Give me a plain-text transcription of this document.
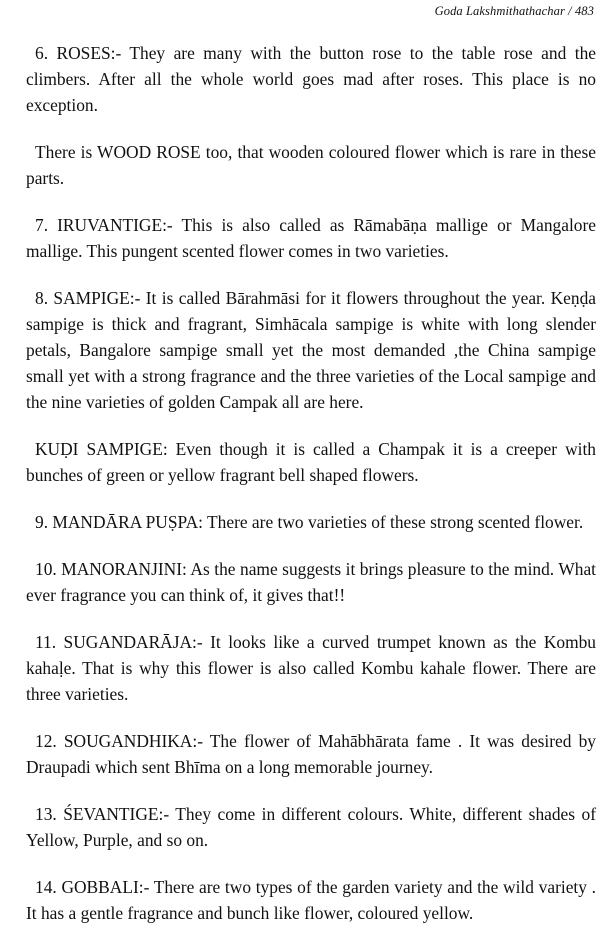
Goda Lakshmithathachar / 483

6. ROSES:- They are many with the button rose to the table rose and the climbers. After all the whole world goes mad after roses. This place is no exception.

There is WOOD ROSE too, that wooden coloured flower which is rare in these parts.

7. IRUVANTIGE:- This is also called as Rāmabāṇa mallige or Mangalore mallige. This pungent scented flower comes in two varieties.

8. SAMPIGE:- It is called Bārahmāsi for it flowers throughout the year. Keṇḍa sampige is thick and fragrant, Simhācala sampige is white with long slender petals, Bangalore sampige small yet the most demanded ,the China sampige small yet with a strong fragrance and the three varieties of the Local sampige and the nine varieties of golden Campak all are here.

KUḌI SAMPIGE: Even though it is called a Champak it is a creeper with bunches of green or yellow fragrant bell shaped flowers.

9. MANDĀRA PUṢPA: There are two varieties of these strong scented flower.

10. MANORANJINI: As the name suggests it brings pleasure to the mind. What ever fragrance you can think of, it gives that!!

11. SUGANDARĀJA:- It looks like a curved trumpet known as the Kombu kahaḷe. That is why this flower is also called Kombu kahale flower. There are three varieties.

12. SOUGANDHIKA:- The flower of Mahābhārata fame . It was desired by Draupadi which sent Bhīma on a long memorable journey.

13. ŚEVANTIGE:- They come in different colours. White, different shades of Yellow, Purple, and so on.

14. GOBBALI:- There are two types of the garden variety and the wild variety . It has a gentle fragrance and bunch like flower, coloured yellow.
